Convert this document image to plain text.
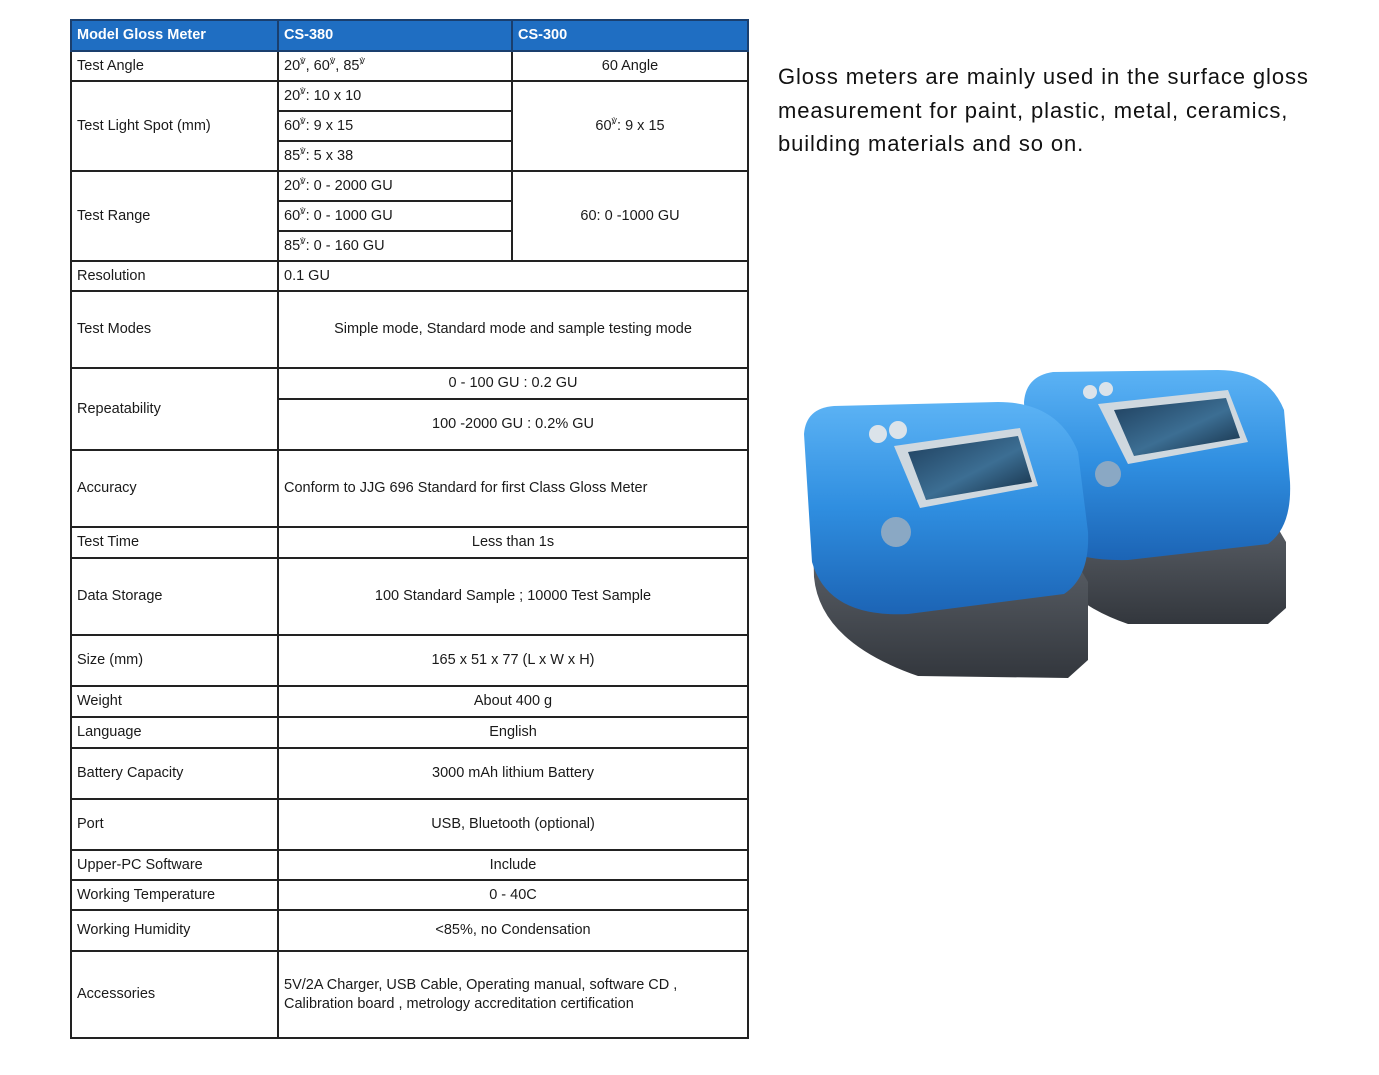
Model Gloss Meter	CS-380	CS-300
Test Angle	20℣, 60℣, 85℣	60 Angle
Test Light Spot (mm)	20℣: 10 x 10	60℣: 9 x 15
	60℣: 9 x 15	
	85℣: 5 x 38	
Test Range	20℣: 0 - 2000 GU	60: 0 -1000 GU
	60℣: 0 - 1000 GU	
	85℣: 0 - 160 GU	
Resolution	0.1 GU	
Test Modes	Simple mode, Standard mode and sample testing mode	
Repeatability	0 - 100 GU : 0.2 GU	
	100 -2000 GU : 0.2% GU	
Accuracy	Conform to JJG 696 Standard for first Class Gloss Meter	
Test Time	Less than 1s	
Data Storage	100 Standard Sample ; 10000 Test Sample	
Size (mm)	165 x 51 x 77 (L x W x H)	
Weight	About 400 g	
Language	English	
Battery Capacity	3000 mAh lithium Battery	
Port	USB, Bluetooth (optional)	
Upper-PC Software	Include	
Working Temperature	0 - 40C	
Working Humidity	<85%, no Condensation	
Accessories	5V/2A Charger, USB Cable, Operating manual, software CD ,
Calibration board , metrology accreditation certification	
Gloss meters are mainly used in the surface gloss measurement for paint, plastic, metal, ceramics, building materials and so on.
